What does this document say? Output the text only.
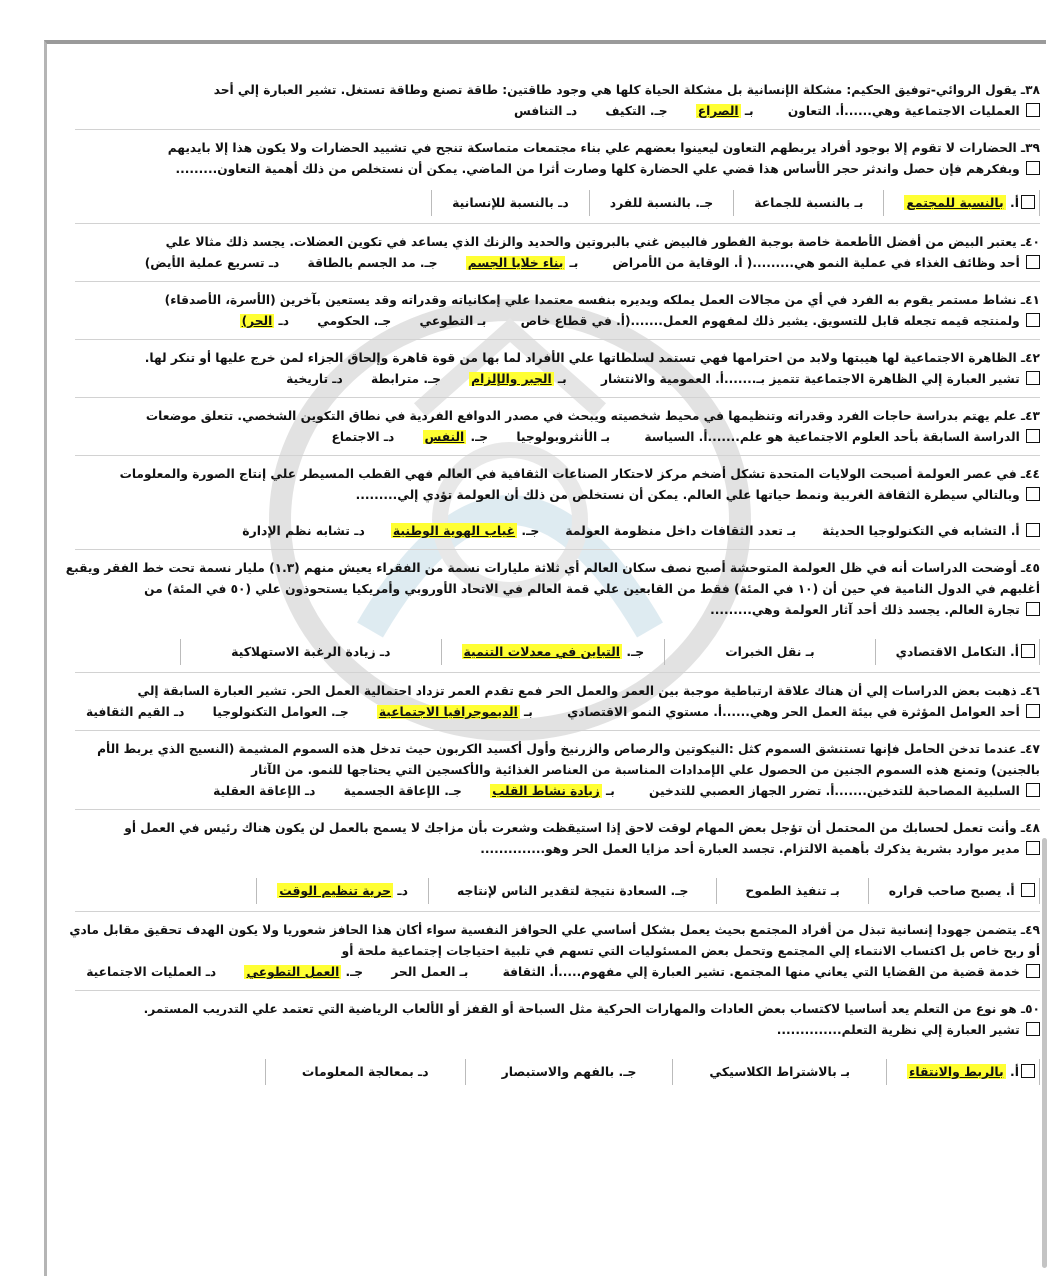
٣٨ـ يقول الروائي-توفيق الحكيم: مشكلة الإنسانية بل مشكلة الحياة كلها هي وجود طاقتين: طاقة تصنع وطاقة تستغل. تشير العبارة إلي أحد
العمليات الاجتماعية وهي......أ. التعاون بـ الصراع جـ. التكيف دـ التنافس
٣٩ـ الحضارات لا تقوم إلا بوجود أفراد يربطهم التعاون ليعينوا بعضهم علي بناء مجتمعات متماسكة تنجح في تشييد الحضارات ولا يكون هذا إلا بايديهم
وبفكرهم فإن حصل واندثر حجر الأساس هذا قضي علي الحضارة كلها وصارت أثرا من الماضي. يمكن أن نستخلص من ذلك أهمية التعاون.........
أ. بالنسبة للمجتمع
بـ بالنسبة للجماعة
جـ. بالنسبة للفرد
دـ بالنسبة للإنسانية
٤٠ـ يعتبر البيض من أفضل الأطعمة خاصة بوجبة الفطور فالبيض غني بالبروتين والحديد والزنك الذي يساعد في تكوين العضلات. يجسد ذلك مثالا علي
أحد وظائف الغذاء في عملية النمو هي.........( أ. الوقاية من الأمراض بـ بناء خلايا الجسم جـ. مد الجسم بالطاقة دـ تسريع عملية الأيض)
٤١ـ نشاط مستمر يقوم به الفرد في أي من مجالات العمل يملكه ويديره بنفسه معتمدا علي إمكانياته وقدراته وقد يستعين بآخرين (الأسرة، الأصدقاء)
ولمنتجه قيمه تجعله قابل للتسويق. يشير ذلك لمفهوم العمل.......(أ. في قطاع خاص بـ التطوعي جـ. الحكومي دـ الحر)
٤٢ـ الظاهرة الاجتماعية لها هيبتها ولابد من احترامها فهي تستمد لسلطاتها علي الأفراد لما بها من قوة قاهرة وإلحاق الجزاء لمن خرج عليها أو تنكر لها.
تشير العبارة إلي الظاهرة الاجتماعية تتميز بـ.......أ. العمومية والانتشار بـ الجبر والإلزام جـ. مترابطة دـ تاريخية
٤٣ـ علم يهتم بدراسة حاجات الفرد وقدراته وتنظيمها في محيط شخصيته ويبحث في مصدر الدوافع الفردية في نطاق التكوين الشخصي. تتعلق موضعات
الدراسة السابقة بأحد العلوم الاجتماعية هو علم.......أ. السياسة بـ الأنثروبولوجيا جـ. النفس دـ الاجتماع
٤٤ـ في عصر العولمة أصبحت الولايات المتحدة تشكل أضخم مركز لاحتكار الصناعات الثقافية في العالم فهي القطب المسيطر علي إنتاج الصورة والمعلومات
وبالتالي سيطرة الثقافة الغربية ونمط حياتها علي العالم. يمكن أن نستخلص من ذلك أن العولمة تؤدي إلي.........
أ. التشابه في التكنولوجيا الحديثة
بـ تعدد الثقافات داخل منظومة العولمة
جـ. غياب الهوية الوطنية
دـ تشابه نظم الإدارة
٤٥ـ أوضحت الدراسات أنه في ظل العولمة المتوحشة أصبح نصف سكان العالم أي ثلاثة مليارات نسمة من الفقراء يعيش منهم (١.٣) مليار نسمة تحت خط الفقر ويقبع أغلبهم في الدول النامية في حين أن (١٠ في المئة) فقط من القابعين علي قمة العالم في الاتحاد الأوروبي وأمريكيا يستحوذون علي (٥٠ في المئة) من
تجارة العالم. يجسد ذلك أحد آثار العولمة وهي.........
أ. التكامل الاقتصادي
بـ نقل الخبرات
جـ. التباين في معدلات التنمية
دـ زيادة الرغبة الاستهلاكية
٤٦ـ ذهبت بعض الدراسات إلي أن هناك علاقة ارتباطية موجبة بين العمر والعمل الحر فمع تقدم العمر تزداد احتمالية العمل الحر. تشير العبارة السابقة إلي
أحد العوامل المؤثرة في بيئة العمل الحر وهي......أ. مستوي النمو الاقتصادي بـ الديموجرافيا الاجتماعية جـ. العوامل التكنولوجيا دـ القيم الثقافية
٤٧ـ عندما تدخن الحامل فإنها تستنشق السموم كثل :النيكوتين والرصاص والزرنيخ وأول أكسيد الكربون حيث تدخل هذه السموم المشيمة (النسيج الذي يربط الأم بالجنين) وتمنع هذه السموم الجنين من الحصول علي الإمدادات المناسبة من العناصر الغذائية والأكسجين التي يحتاجها للنمو. من الآثار
السلبية المصاحبة للتدخين.......أ. تضرر الجهاز العصبي للتدخين بـ زيادة نشاط القلب جـ. الإعاقة الجسمية دـ الإعاقة العقلية
٤٨ـ وأنت تعمل لحسابك من المحتمل أن تؤجل بعض المهام لوقت لاحق إذا استيقظت وشعرت بأن مزاجك لا يسمح بالعمل لن يكون هناك رئيس في العمل أو
مدير موارد بشرية يذكرك بأهمية الالتزام. تجسد العبارة أحد مزايا العمل الحر وهو..............
أ. يصبح صاحب قراره
بـ تنفيذ الطموح
جـ. السعادة نتيجة لتقدير الناس لإنتاجه
دـ حرية تنظيم الوقت
٤٩ـ يتضمن جهودا إنسانية تبذل من أفراد المجتمع بحيث يعمل بشكل أساسي علي الحوافز النفسية سواء أكان هذا الحافز شعوريا ولا يكون الهدف تحقيق مقابل مادي أو ربح خاص بل اكتساب الانتماء إلي المجتمع وتحمل بعض المسئوليات التي تسهم في تلبية احتياجات إجتماعية ملحة أو
خدمة قضية من القضايا التي يعاني منها المجتمع. تشير العبارة إلي مفهوم.....أ. الثقافة بـ العمل الحر جـ. العمل التطوعي دـ العمليات الاجتماعية
٥٠ـ هو نوع من التعلم يعد أساسيا لاكتساب بعض العادات والمهارات الحركية مثل السباحة أو القفز أو الألعاب الرياضية التي تعتمد علي التدريب المستمر.
تشير العبارة إلي نظرية التعلم..............
أ. بالربط والانتقاء
بـ بالاشتراط الكلاسيكي
جـ. بالفهم والاستبصار
دـ بمعالجة المعلومات
